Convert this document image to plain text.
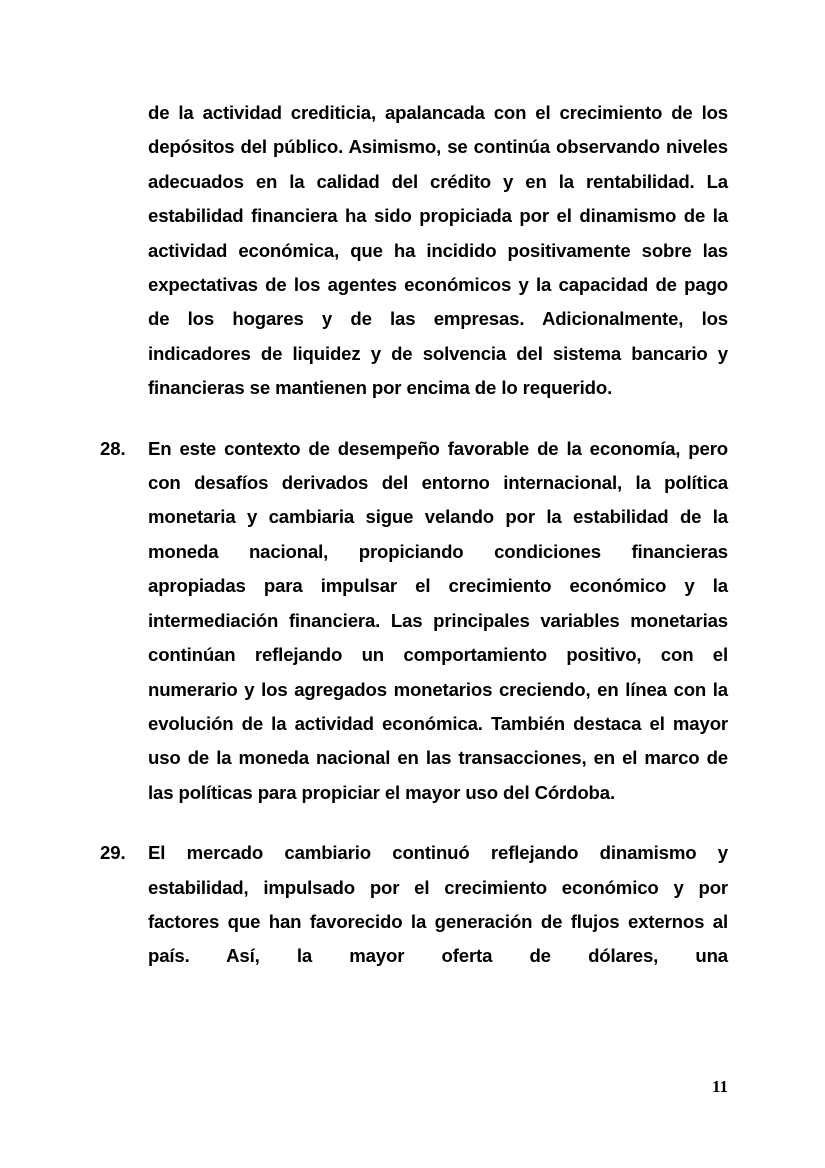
de la actividad crediticia, apalancada con el crecimiento de los depósitos del público. Asimismo, se continúa observando niveles adecuados en la calidad del crédito y en la rentabilidad. La estabilidad financiera ha sido propiciada por el dinamismo de la actividad económica, que ha incidido positivamente sobre las expectativas de los agentes económicos y la capacidad de pago de los hogares y de las empresas. Adicionalmente, los indicadores de liquidez y de solvencia del sistema bancario y financieras se mantienen por encima de lo requerido.
28.	En este contexto de desempeño favorable de la economía, pero con desafíos derivados del entorno internacional, la política monetaria y cambiaria sigue velando por la estabilidad de la moneda nacional, propiciando condiciones financieras apropiadas para impulsar el crecimiento económico y la intermediación financiera. Las principales variables monetarias continúan reflejando un comportamiento positivo, con el numerario y los agregados monetarios creciendo, en línea con la evolución de la actividad económica. También destaca el mayor uso de la moneda nacional en las transacciones, en el marco de las políticas para propiciar el mayor uso del Córdoba.
29.	El mercado cambiario continuó reflejando dinamismo y estabilidad, impulsado por el crecimiento económico y por factores que han favorecido la generación de flujos externos al país. Así, la mayor oferta de dólares, una
11
